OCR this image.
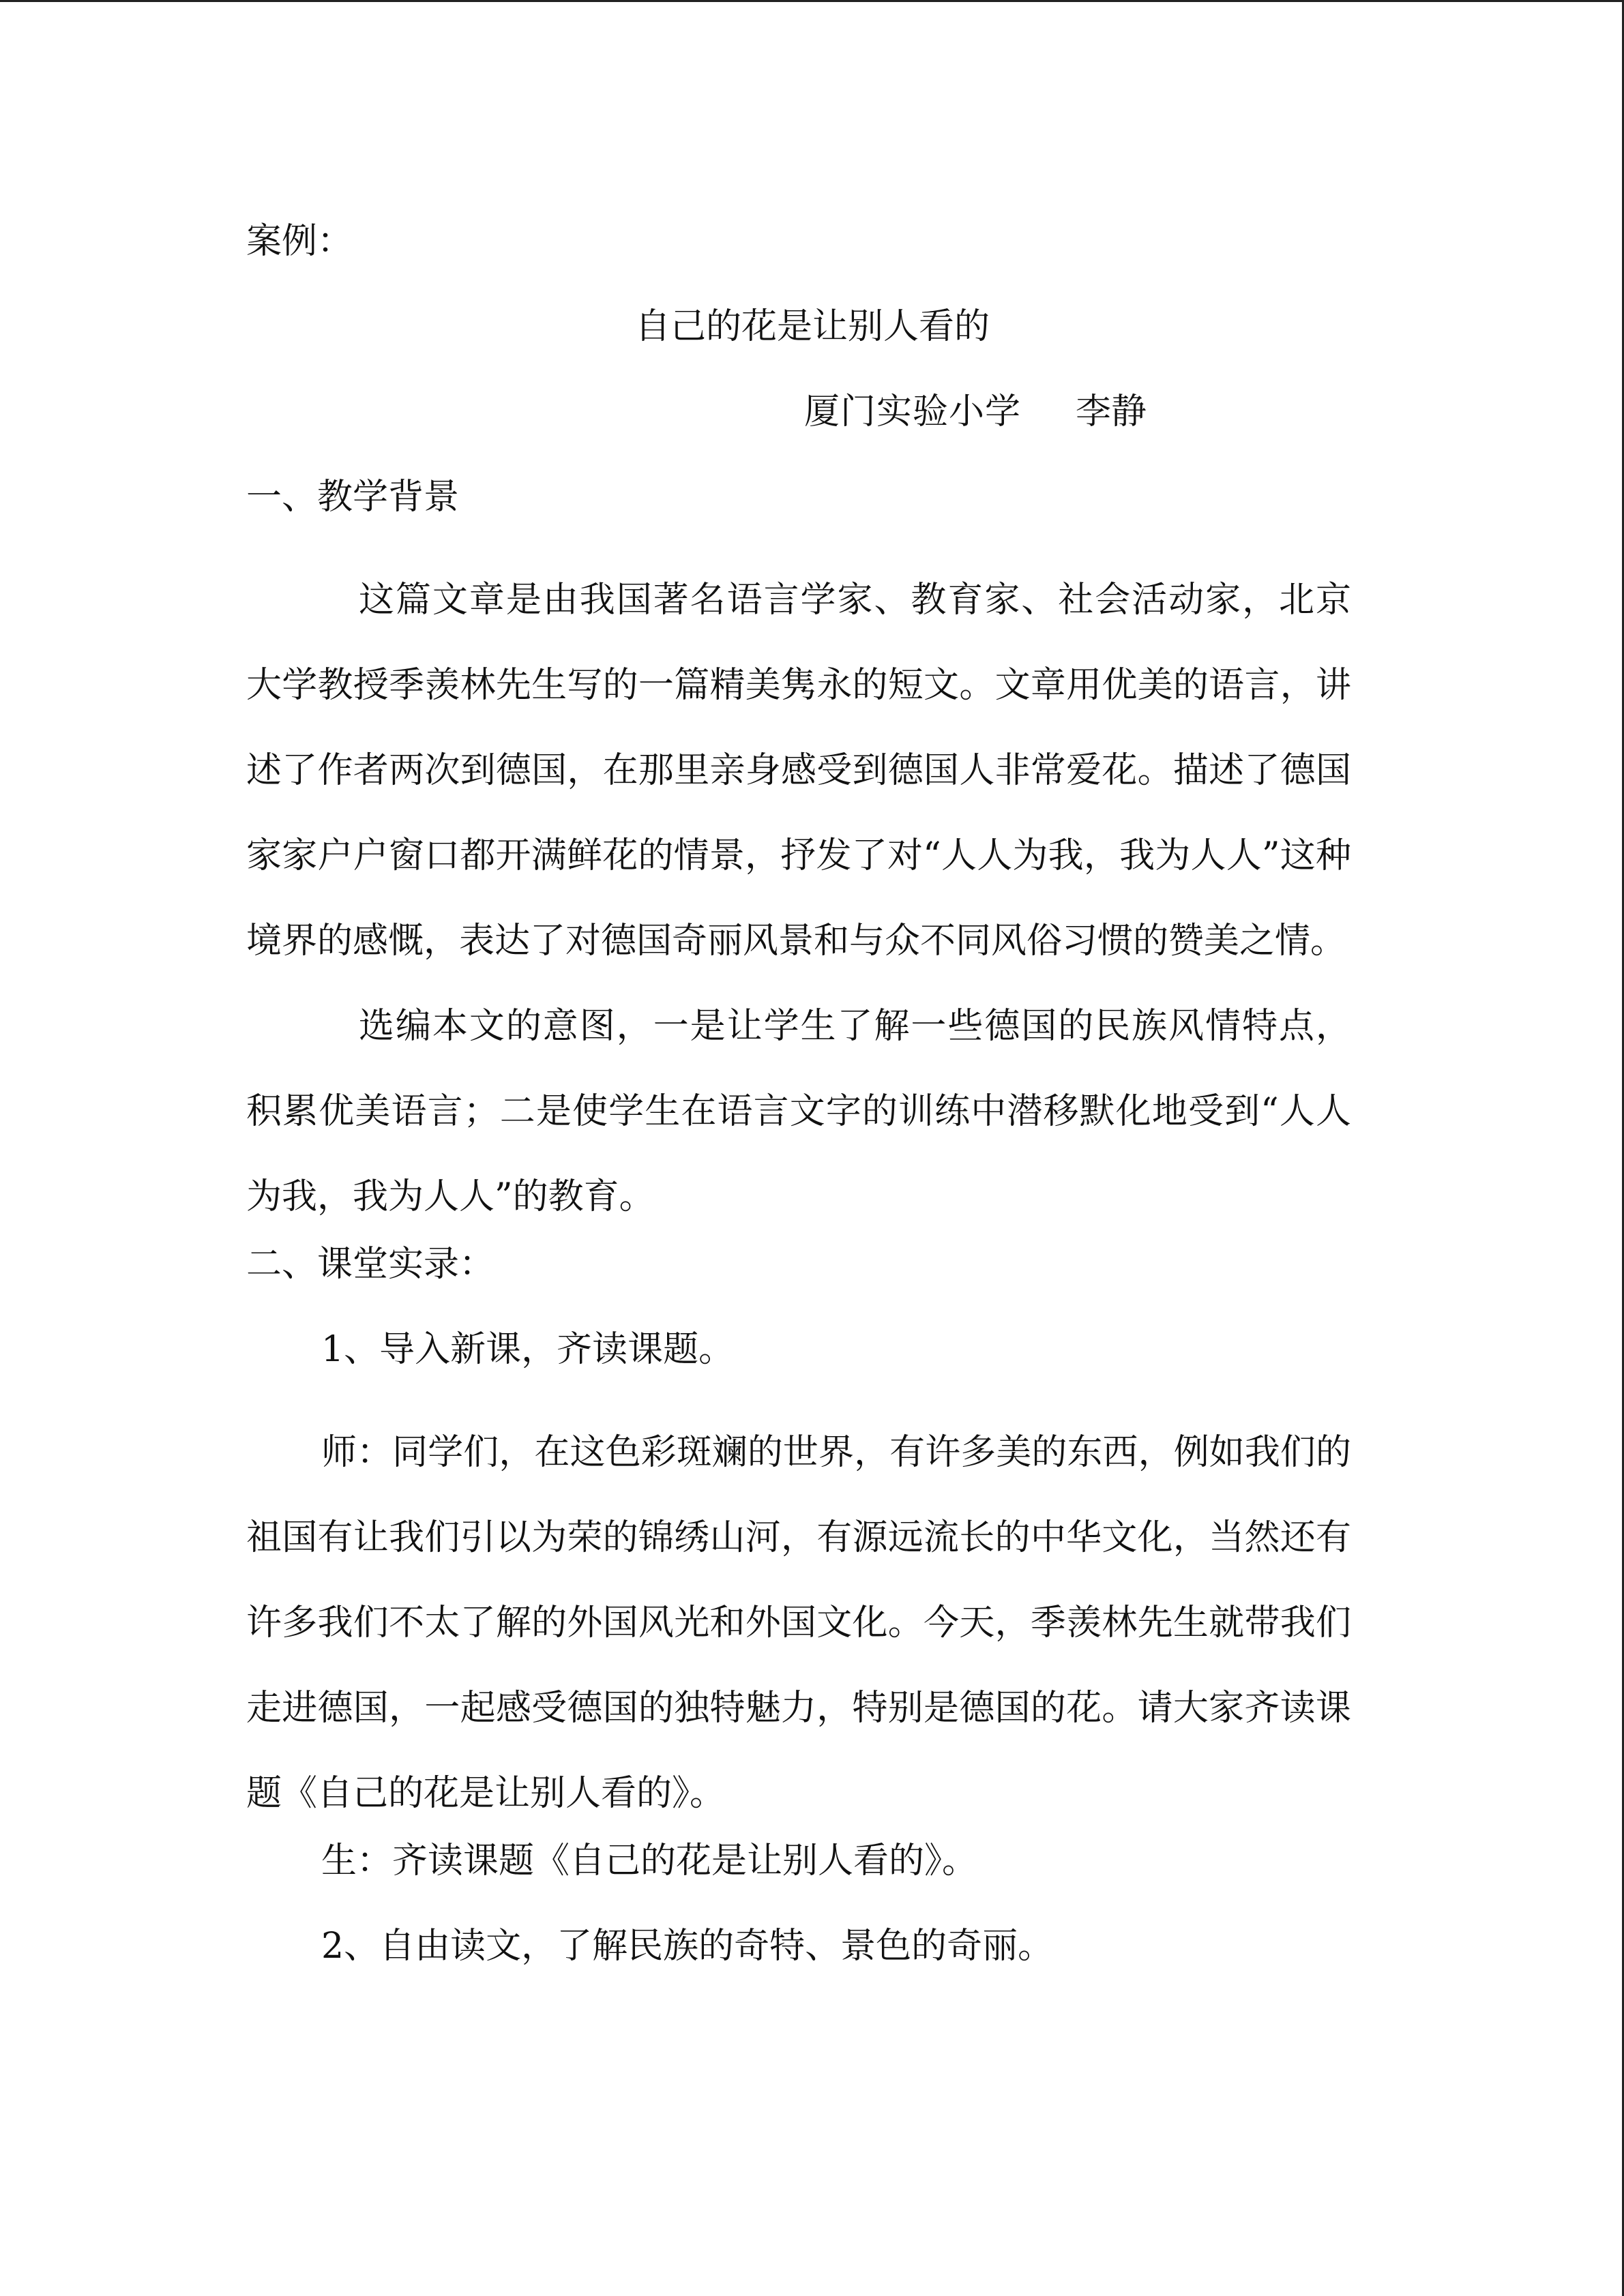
案例：
自己的花是让别人看的
厦门实验小学 李静
一、教学背景
这篇文章是由我国著名语言学家、教育家、社会活动家，北京大学教授季羡林先生写的一篇精美隽永的短文。文章用优美的语言，讲述了作者两次到德国，在那里亲身感受到德国人非常爱花。描述了德国家家户户窗口都开满鲜花的情景，抒发了对“人人为我，我为人人”这种境界的感慨，表达了对德国奇丽风景和与众不同风俗习惯的赞美之情。
选编本文的意图，一是让学生了解一些德国的民族风情特点，积累优美语言；二是使学生在语言文字的训练中潜移默化地受到“人人为我，我为人人”的教育。
二、课堂实录：
1、导入新课，齐读课题。
师：同学们，在这色彩斑斓的世界，有许多美的东西，例如我们的祖国有让我们引以为荣的锦绣山河，有源远流长的中华文化，当然还有许多我们不太了解的外国风光和外国文化。今天，季羡林先生就带我们走进德国，一起感受德国的独特魅力，特别是德国的花。请大家齐读课题《自己的花是让别人看的》。
生：齐读课题《自己的花是让别人看的》。
2、自由读文，了解民族的奇特、景色的奇丽。
